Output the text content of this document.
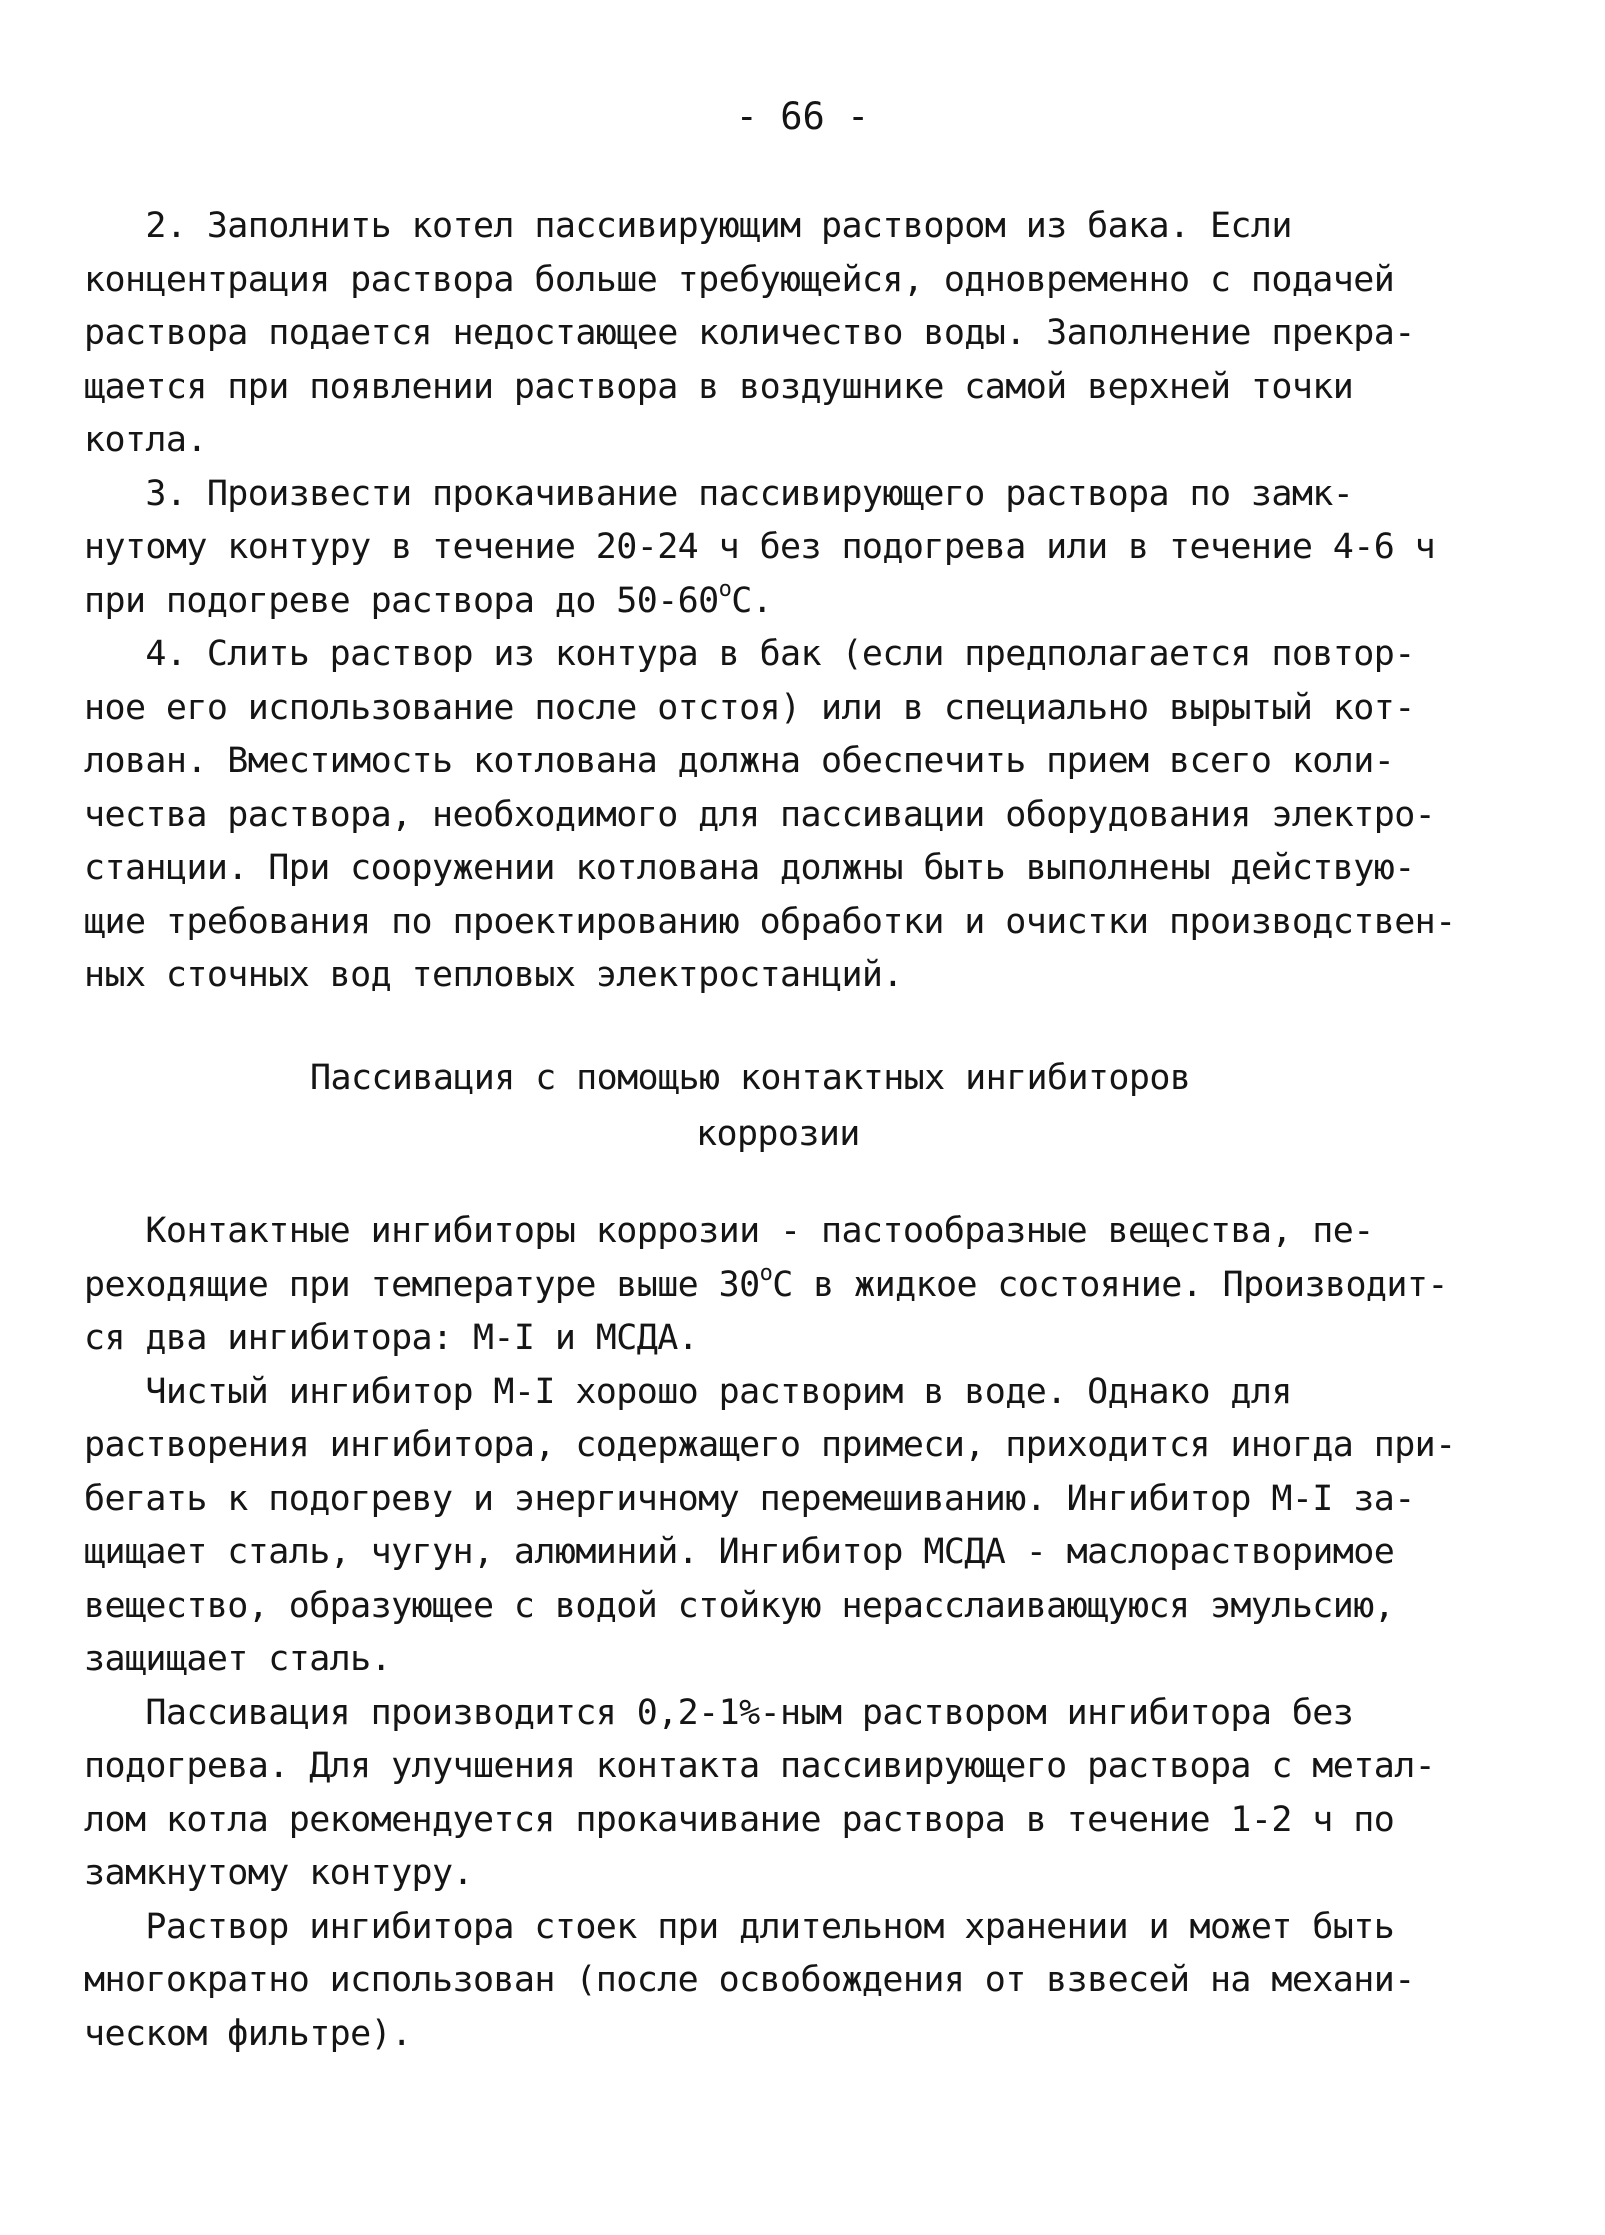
- 66 -
2. Заполнить котел пассивирующим раствором из бака. Если
концентрация раствора больше требующейся, одновременно с подачей
раствора подается недостающее количество воды. Заполнение прекра-
щается при появлении раствора в воздушнике самой верхней точки
котла.
3. Произвести прокачивание пассивирующего раствора по замк-
нутому контуру в течение 20-24 ч без подогрева или в течение 4-6 ч
при подогреве раствора до 50-60$^o$С.
4. Слить раствор из контура в бак (если предполагается повтор-
ное его использование после отстоя) или в специально вырытый кот-
лован. Вместимость котлована должна обеспечить прием всего коли-
чества раствора, необходимого для пассивации оборудования электро-
станции. При сооружении котлована должны быть выполнены действую-
щие требования по проектированию обработки и очистки производствен-
ных сточных вод тепловых электростанций.
Пассивация с помощью контактных ингибиторов
коррозии
Контактные ингибиторы коррозии - пастообразные вещества, пе-
реходящие при температуре выше 30$^o$С в жидкое состояние. Производит-
ся два ингибитора: М-I и МСДА.
Чистый ингибитор М-I хорошо растворим в воде. Однако для
растворения ингибитора, содержащего примеси, приходится иногда при-
бегать к подогреву и энергичному перемешиванию. Ингибитор М-I за-
щищает сталь, чугун, алюминий. Ингибитор МСДА - маслорастворимое
вещество, образующее с водой стойкую нерасслаивающуюся эмульсию,
защищает сталь.
Пассивация производится 0,2-1%-ным раствором ингибитора без
подогрева. Для улучшения контакта пассивирующего раствора с метал-
лом котла рекомендуется прокачивание раствора в течение 1-2 ч по
замкнутому контуру.
Раствор ингибитора стоек при длительном хранении и может быть
многократно использован (после освобождения от взвесей на механи-
ческом фильтре).
